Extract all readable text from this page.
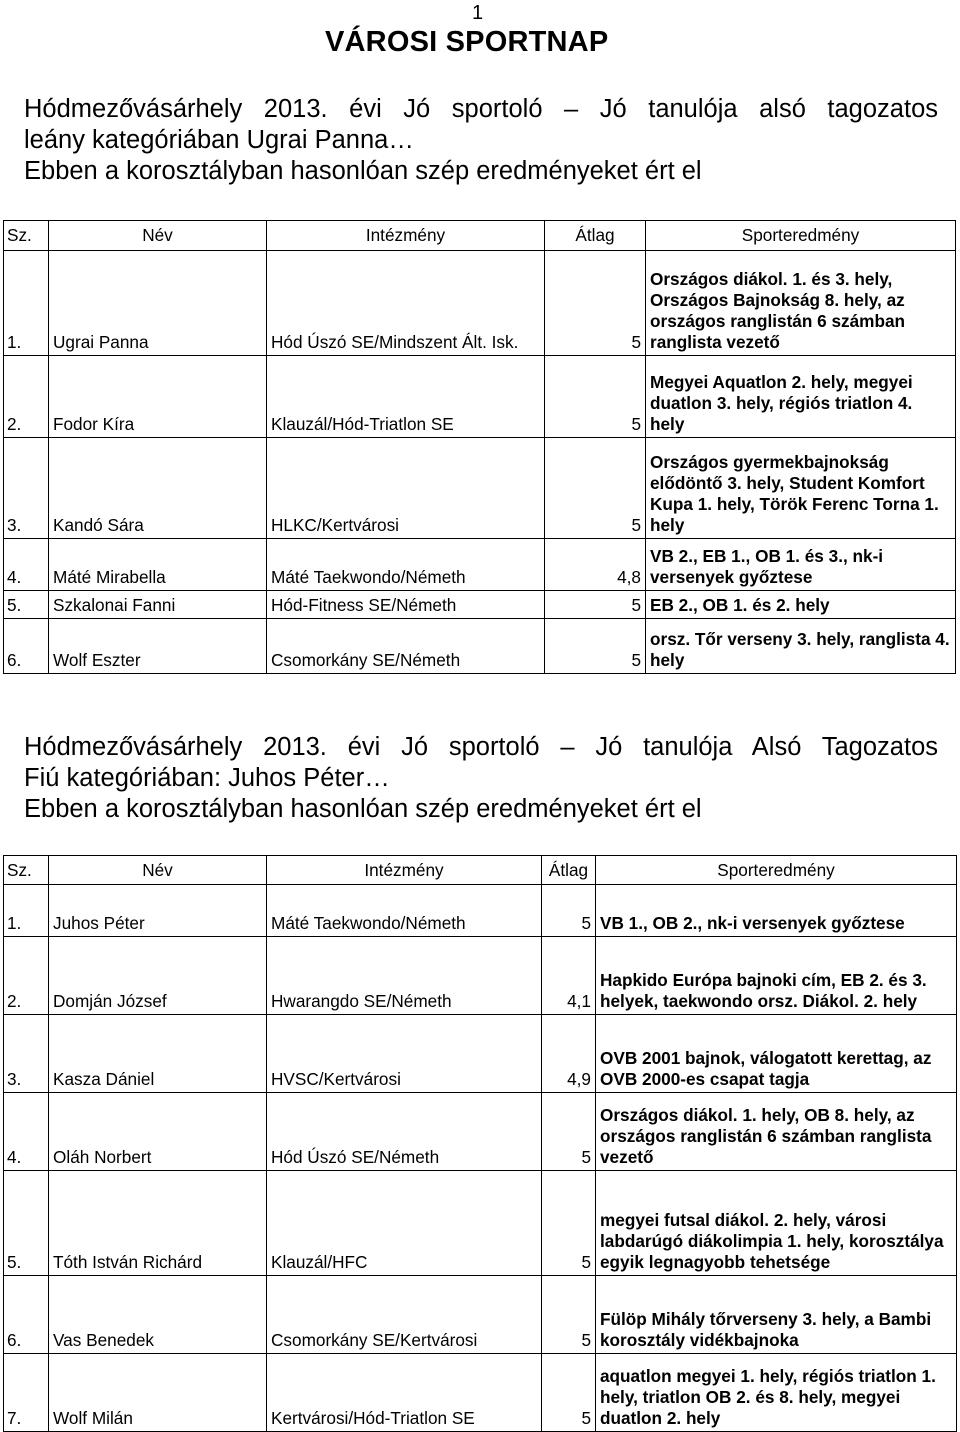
1
VÁROSI SPORTNAP
Hódmezővásárhely 2013. évi Jó sportoló – Jó tanulója alsó tagozatos
leány kategóriában Ugrai Panna…
Ebben a korosztályban hasonlóan szép eredményeket ért el
Sz.	Név	Intézmény	Átlag	Sporteredmény
1.	Ugrai Panna	Hód Úszó SE/Mindszent Ált. Isk.	5	Országos diákol. 1. és 3. hely, Országos Bajnokság 8. hely, az országos ranglistán 6 számban ranglista vezető
2.	Fodor Kíra	Klauzál/Hód-Triatlon SE	5	Megyei Aquatlon 2. hely, megyei duatlon 3. hely, régiós triatlon 4. hely
3.	Kandó Sára	HLKC/Kertvárosi	5	Országos gyermekbajnokság elődöntő 3. hely, Student Komfort Kupa 1. hely, Török Ferenc Torna 1. hely
4.	Máté Mirabella	Máté Taekwondo/Németh	4,8	VB 2., EB 1., OB 1. és 3., nk-i versenyek győztese
5.	Szkalonai Fanni	Hód-Fitness SE/Németh	5	EB 2., OB 1. és 2. hely
6.	Wolf Eszter	Csomorkány SE/Németh	5	orsz. Tőr verseny 3. hely, ranglista 4. hely
Hódmezővásárhely 2013. évi Jó sportoló – Jó tanulója Alsó Tagozatos
Fiú kategóriában: Juhos Péter…
Ebben a korosztályban hasonlóan szép eredményeket ért el
Sz.	Név	Intézmény	Átlag	Sporteredmény
1.	Juhos Péter	Máté Taekwondo/Németh	5	VB 1., OB 2., nk-i versenyek győztese
2.	Domján József	Hwarangdo SE/Németh	4,1	Hapkido Európa bajnoki cím, EB 2. és 3. helyek, taekwondo orsz. Diákol. 2. hely
3.	Kasza Dániel	HVSC/Kertvárosi	4,9	OVB 2001 bajnok, válogatott kerettag, az OVB 2000-es csapat tagja
4.	Oláh Norbert	Hód Úszó SE/Németh	5	Országos diákol. 1. hely, OB 8. hely, az országos ranglistán 6 számban ranglista vezető
5.	Tóth István Richárd	Klauzál/HFC	5	megyei futsal diákol. 2. hely, városi labdarúgó diákolimpia 1. hely, korosztálya egyik legnagyobb tehetsége
6.	Vas Benedek	Csomorkány SE/Kertvárosi	5	Fülöp Mihály tőrverseny 3. hely, a Bambi korosztály vidékbajnoka
7.	Wolf Milán	Kertvárosi/Hód-Triatlon SE	5	aquatlon megyei 1. hely, régiós triatlon 1. hely, triatlon OB 2. és 8. hely, megyei duatlon 2. hely
